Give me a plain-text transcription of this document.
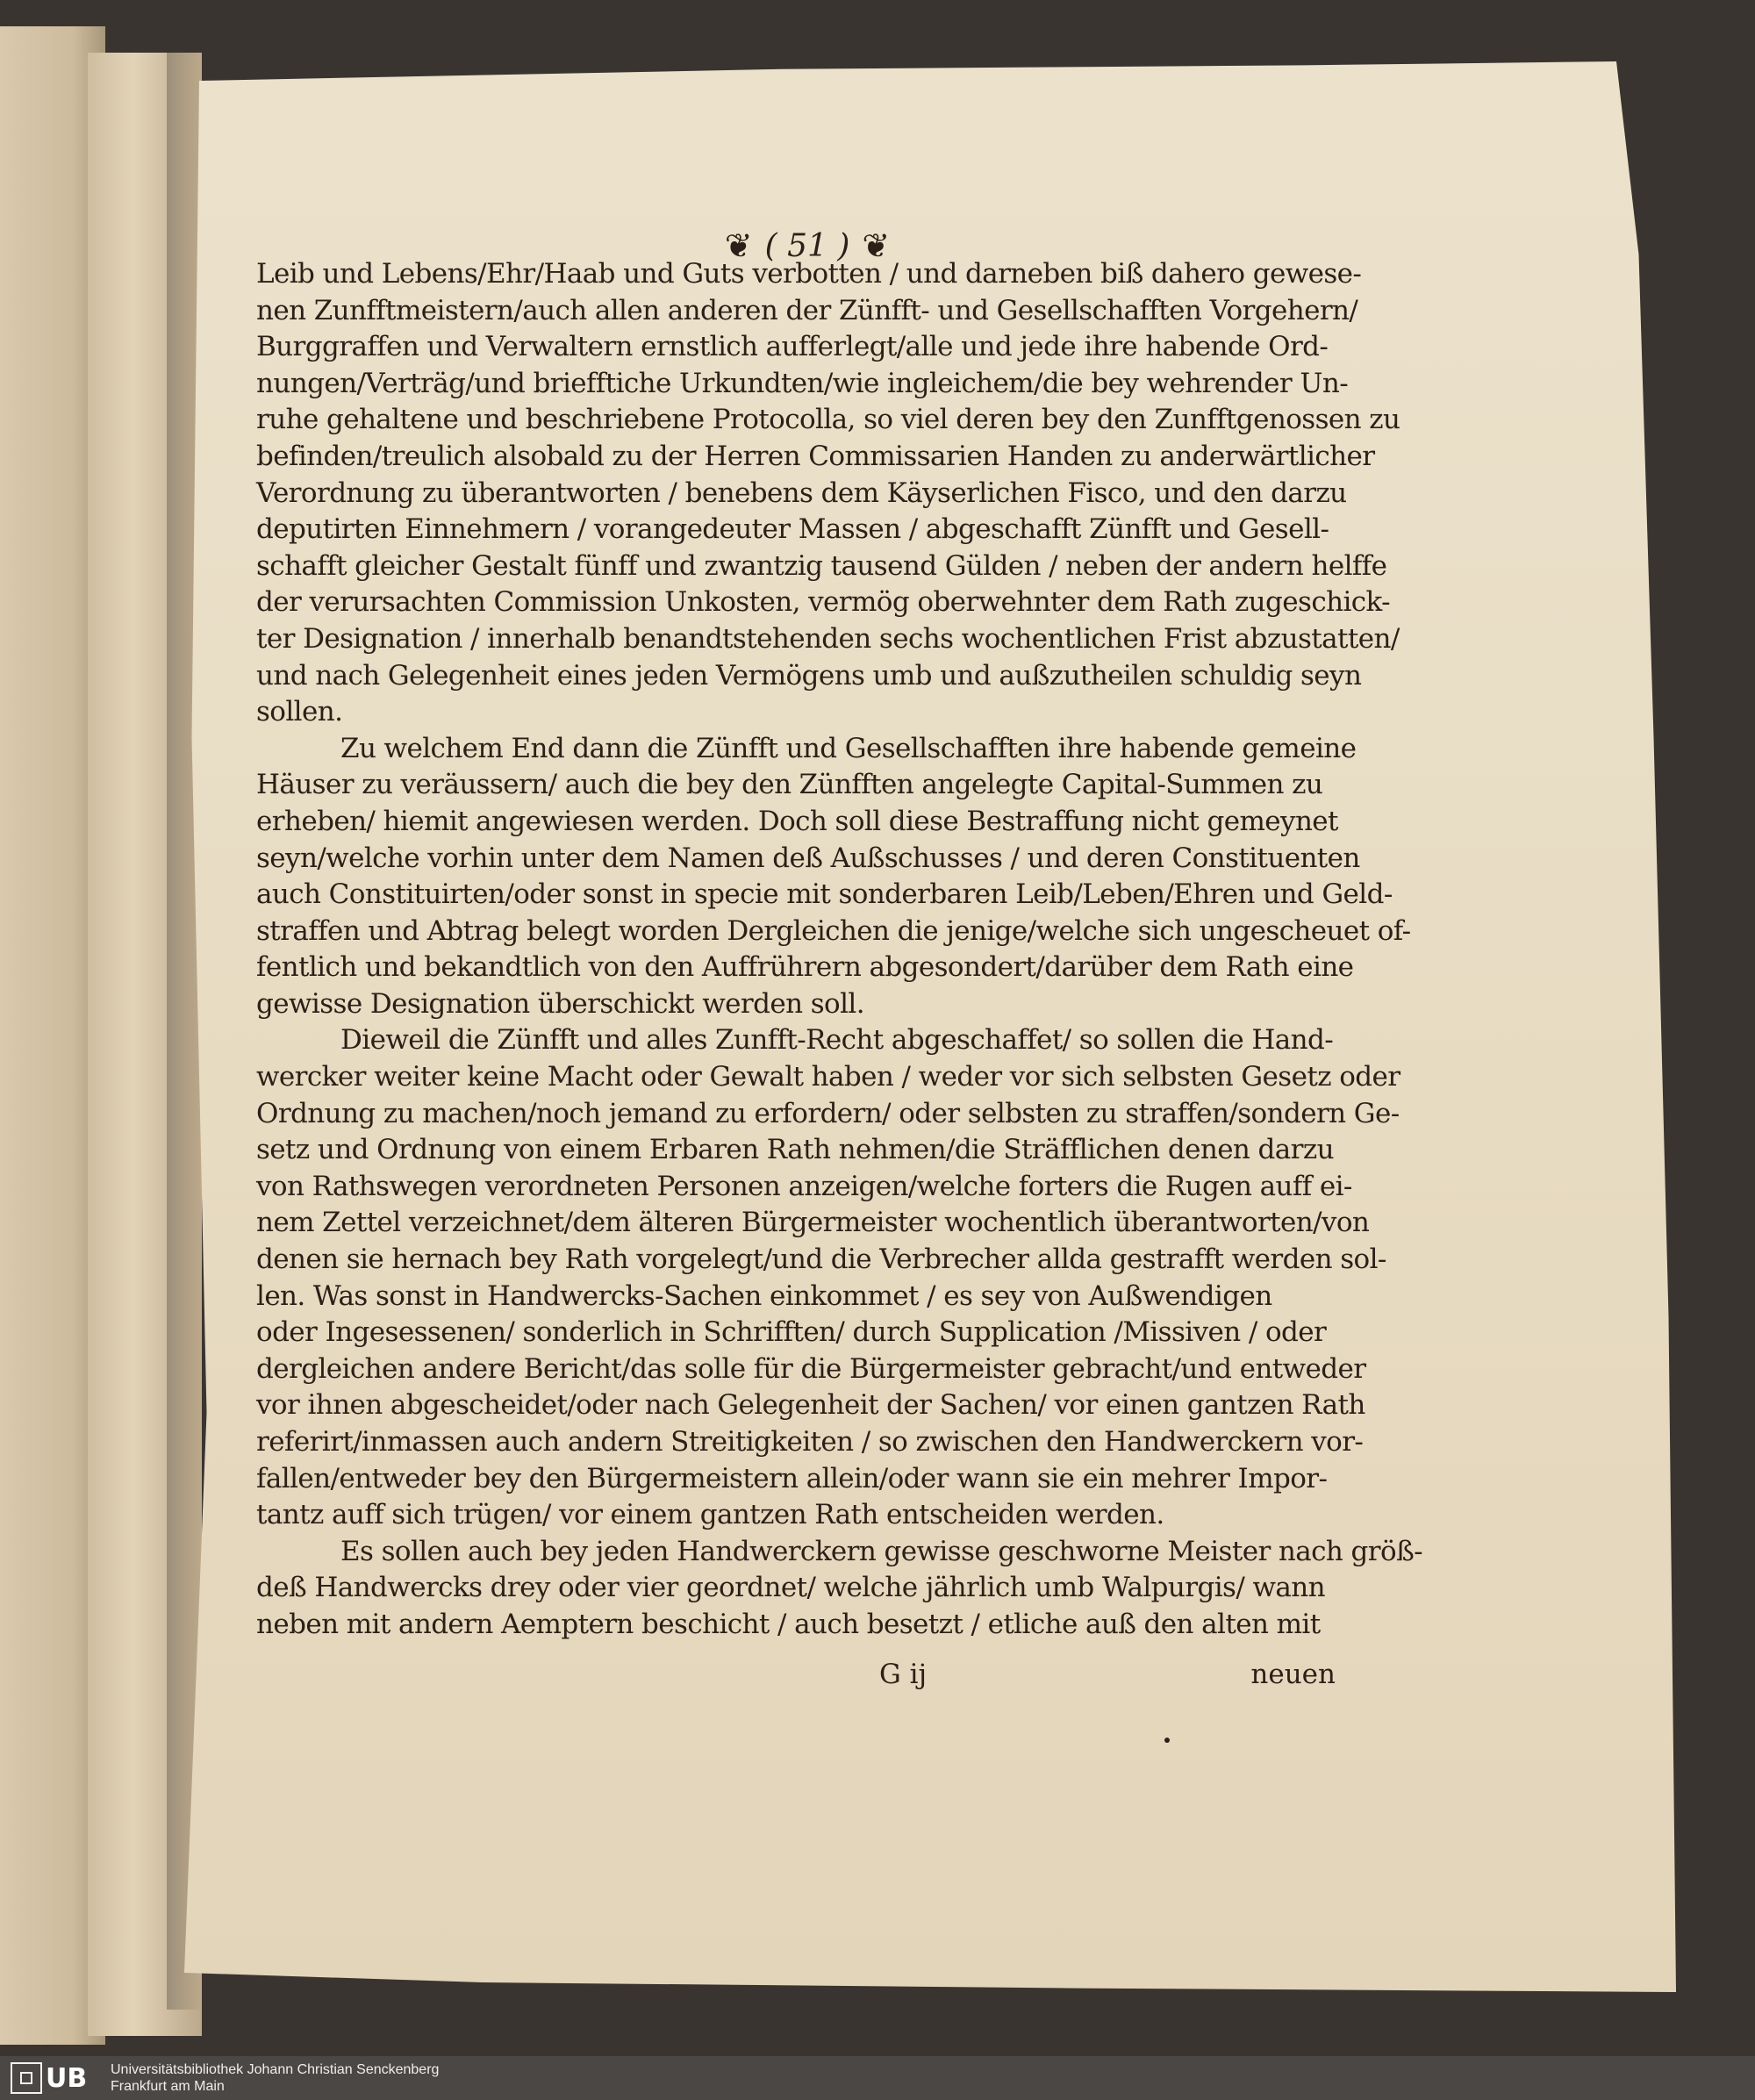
❦ ( 51 ) ❦
Leib und Lebens/Ehr/Haab und Guts verbotten / und darneben biß dahero gewese-
nen Zunfftmeistern/auch allen anderen der Zünfft- und Gesellschafften Vorgehern/
Burggraffen und Verwaltern ernstlich aufferlegt/alle und jede ihre habende Ord-
nungen/Verträg/und briefftiche Urkundten/wie ingleichem/die bey wehrender Un-
ruhe gehaltene und beschriebene Protocolla, so viel deren bey den Zunfftgenossen zu
befinden/treulich alsobald zu der Herren Commissarien Handen zu anderwärtlicher
Verordnung zu überantworten / benebens dem Käyserlichen Fisco, und den darzu
deputirten Einnehmern / vorangedeuter Massen / abgeschafft Zünfft und Gesell-
schafft gleicher Gestalt fünff und zwantzig tausend Gülden / neben der andern helffe
der verursachten Commission Unkosten, vermög oberwehnter dem Rath zugeschick-
ter Designation / innerhalb benandtstehenden sechs wochentlichen Frist abzustatten/
und nach Gelegenheit eines jeden Vermögens umb und außzutheilen schuldig seyn
sollen.
Zu welchem End dann die Zünfft und Gesellschafften ihre habende gemeine
Häuser zu veräussern/ auch die bey den Zünfften angelegte Capital-Summen zu
erheben/ hiemit angewiesen werden. Doch soll diese Bestraffung nicht gemeynet
seyn/welche vorhin unter dem Namen deß Außschusses / und deren Constituenten
auch Constituirten/oder sonst in specie mit sonderbaren Leib/Leben/Ehren und Geld-
straffen und Abtrag belegt worden Dergleichen die jenige/welche sich ungescheuet of-
fentlich und bekandtlich von den Auffrührern abgesondert/darüber dem Rath eine
gewisse Designation überschickt werden soll.
Dieweil die Zünfft und alles Zunfft-Recht abgeschaffet/ so sollen die Hand-
wercker weiter keine Macht oder Gewalt haben / weder vor sich selbsten Gesetz oder
Ordnung zu machen/noch jemand zu erfordern/ oder selbsten zu straffen/sondern Ge-
setz und Ordnung von einem Erbaren Rath nehmen/die Sträfflichen denen darzu
von Rathswegen verordneten Personen anzeigen/welche forters die Rugen auff ei-
nem Zettel verzeichnet/dem älteren Bürgermeister wochentlich überantworten/von
denen sie hernach bey Rath vorgelegt/und die Verbrecher allda gestrafft werden sol-
len. Was sonst in Handwercks-Sachen einkommet / es sey von Außwendigen
oder Ingesessenen/ sonderlich in Schrifften/ durch Supplication /Missiven / oder
dergleichen andere Bericht/das solle für die Bürgermeister gebracht/und entweder
vor ihnen abgescheidet/oder nach Gelegenheit der Sachen/ vor einen gantzen Rath
referirt/inmassen auch andern Streitigkeiten / so zwischen den Handwerckern vor-
fallen/entweder bey den Bürgermeistern allein/oder wann sie ein mehrer Impor-
tantz auff sich trügen/ vor einem gantzen Rath entscheiden werden.
Es sollen auch bey jeden Handwerckern gewisse geschworne Meister nach größ-
deß Handwercks drey oder vier geordnet/ welche jährlich umb Walpurgis/ wann
neben mit andern Aemptern beschicht / auch besetzt / etliche auß den alten mit
G ij	neuen
UB Universitätsbibliothek Johann Christian Senckenberg
Frankfurt am Main
